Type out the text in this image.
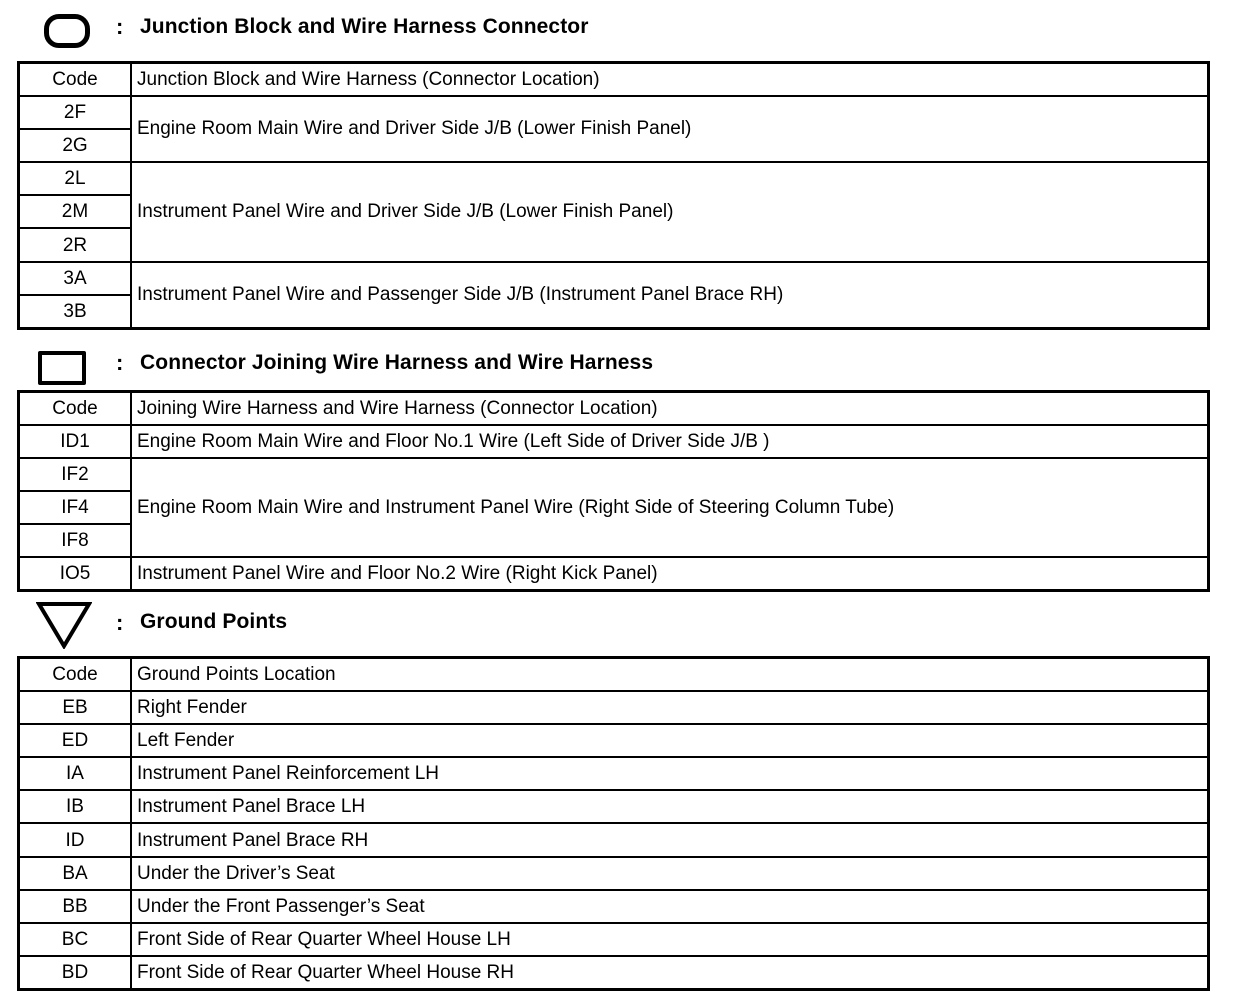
: Junction Block and Wire Harness Connector
Code	Junction Block and Wire Harness (Connector Location)
2F	Engine Room Main Wire and Driver Side J/B (Lower Finish Panel)
2G	
2L	Instrument Panel Wire and Driver Side J/B (Lower Finish Panel)
2M	
2R	
3A	Instrument Panel Wire and Passenger Side J/B (Instrument Panel Brace RH)
3B	
: Connector Joining Wire Harness and Wire Harness
Code	Joining Wire Harness and Wire Harness (Connector Location)
ID1	Engine Room Main Wire and Floor No.1 Wire (Left Side of Driver Side J/B )
IF2	Engine Room Main Wire and Instrument Panel Wire (Right Side of Steering Column Tube)
IF4	
IF8	
IO5	Instrument Panel Wire and Floor No.2 Wire (Right Kick Panel)
: Ground Points
Code	Ground Points Location
EB	Right Fender
ED	Left Fender
IA	Instrument Panel Reinforcement LH
IB	Instrument Panel Brace LH
ID	Instrument Panel Brace RH
BA	Under the Driver’s Seat
BB	Under the Front Passenger’s Seat
BC	Front Side of Rear Quarter Wheel House LH
BD	Front Side of Rear Quarter Wheel House RH
